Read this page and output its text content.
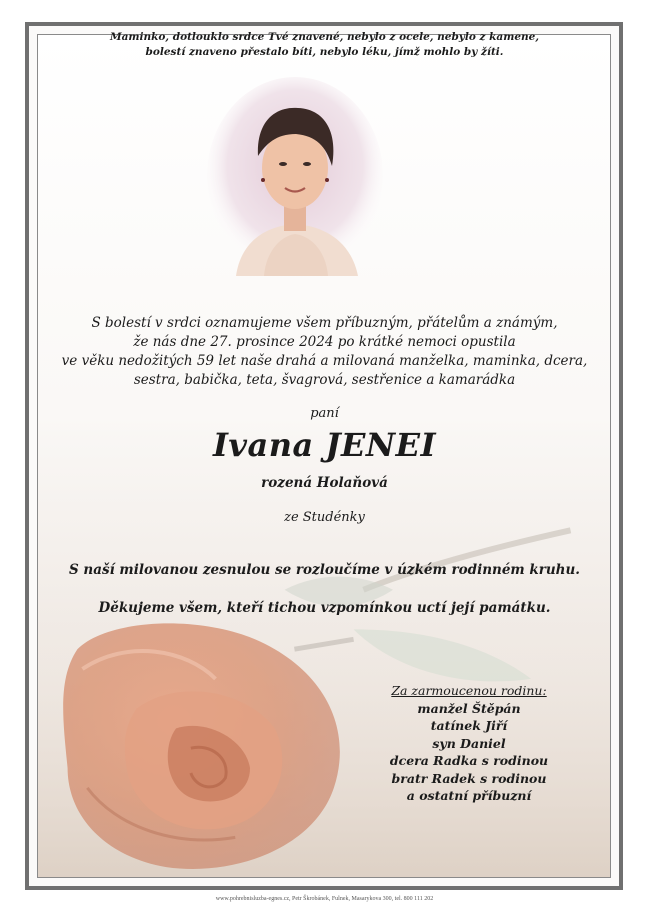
Maminko, dotlouklo srdce Tvé znavené, nebylo z ocele, nebylo z kamene,
bolestí znaveno přestalo bíti, nebylo léku, jímž mohlo by žíti.
S bolestí v srdci oznamujeme všem příbuzným, přátelům a známým,
že nás dne 27. prosince 2024 po krátké nemoci opustila
ve věku nedožitých 59 let naše drahá a milovaná manželka, maminka, dcera,
sestra, babička, teta, švagrová, sestřenice a kamarádka
paní
Ivana JENEI
rozená Holaňová
ze Studénky
S naší milovanou zesnulou se rozloučíme v úzkém rodinném kruhu.
Děkujeme všem, kteří tichou vzpomínkou uctí její památku.
Za zarmoucenou rodinu:
manžel Štěpán
tatínek Jiří
syn Daniel
dcera Radka s rodinou
bratr Radek s rodinou
a ostatní příbuzní
www.pohrebnisluzba-egnes.cz, Petr Škrobánek, Fulnek, Masarykova 300, tel. 800 111 202
